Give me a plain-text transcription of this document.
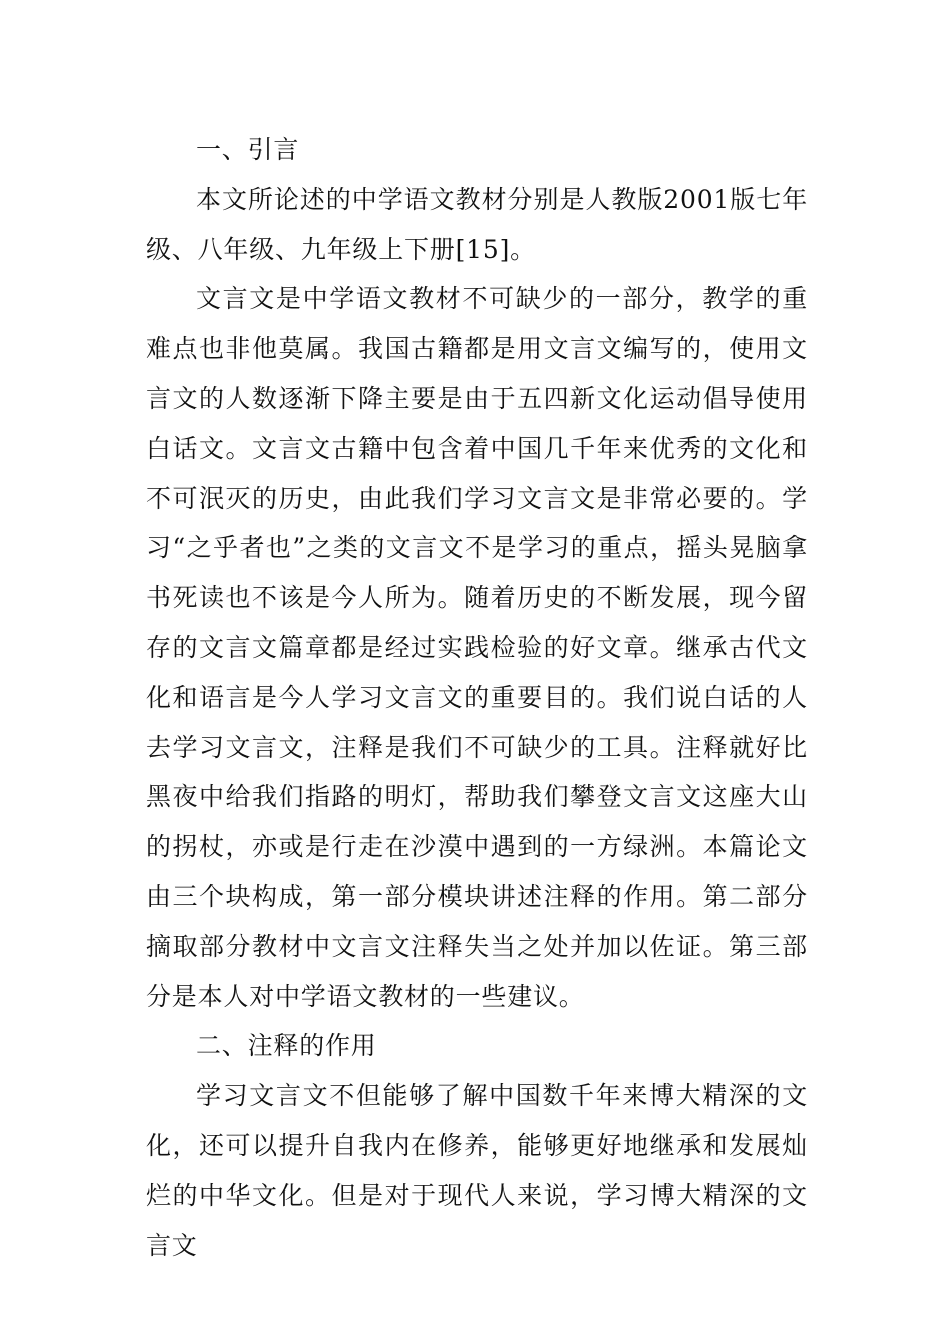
一、引言

本文所论述的中学语文教材分别是人教版2001版七年级、八年级、九年级上下册[15]。

文言文是中学语文教材不可缺少的一部分，教学的重难点也非他莫属。我国古籍都是用文言文编写的，使用文言文的人数逐渐下降主要是由于五四新文化运动倡导使用白话文。文言文古籍中包含着中国几千年来优秀的文化和不可泯灭的历史，由此我们学习文言文是非常必要的。学习“之乎者也”之类的文言文不是学习的重点，摇头晃脑拿书死读也不该是今人所为。随着历史的不断发展，现今留存的文言文篇章都是经过实践检验的好文章。继承古代文化和语言是今人学习文言文的重要目的。我们说白话的人去学习文言文，注释是我们不可缺少的工具。注释就好比黑夜中给我们指路的明灯，帮助我们攀登文言文这座大山的拐杖，亦或是行走在沙漠中遇到的一方绿洲。本篇论文由三个块构成，第一部分模块讲述注释的作用。第二部分摘取部分教材中文言文注释失当之处并加以佐证。第三部分是本人对中学语文教材的一些建议。

二、注释的作用

学习文言文不但能够了解中国数千年来博大精深的文化，还可以提升自我内在修养，能够更好地继承和发展灿烂的中华文化。但是对于现代人来说，学习博大精深的文言文
